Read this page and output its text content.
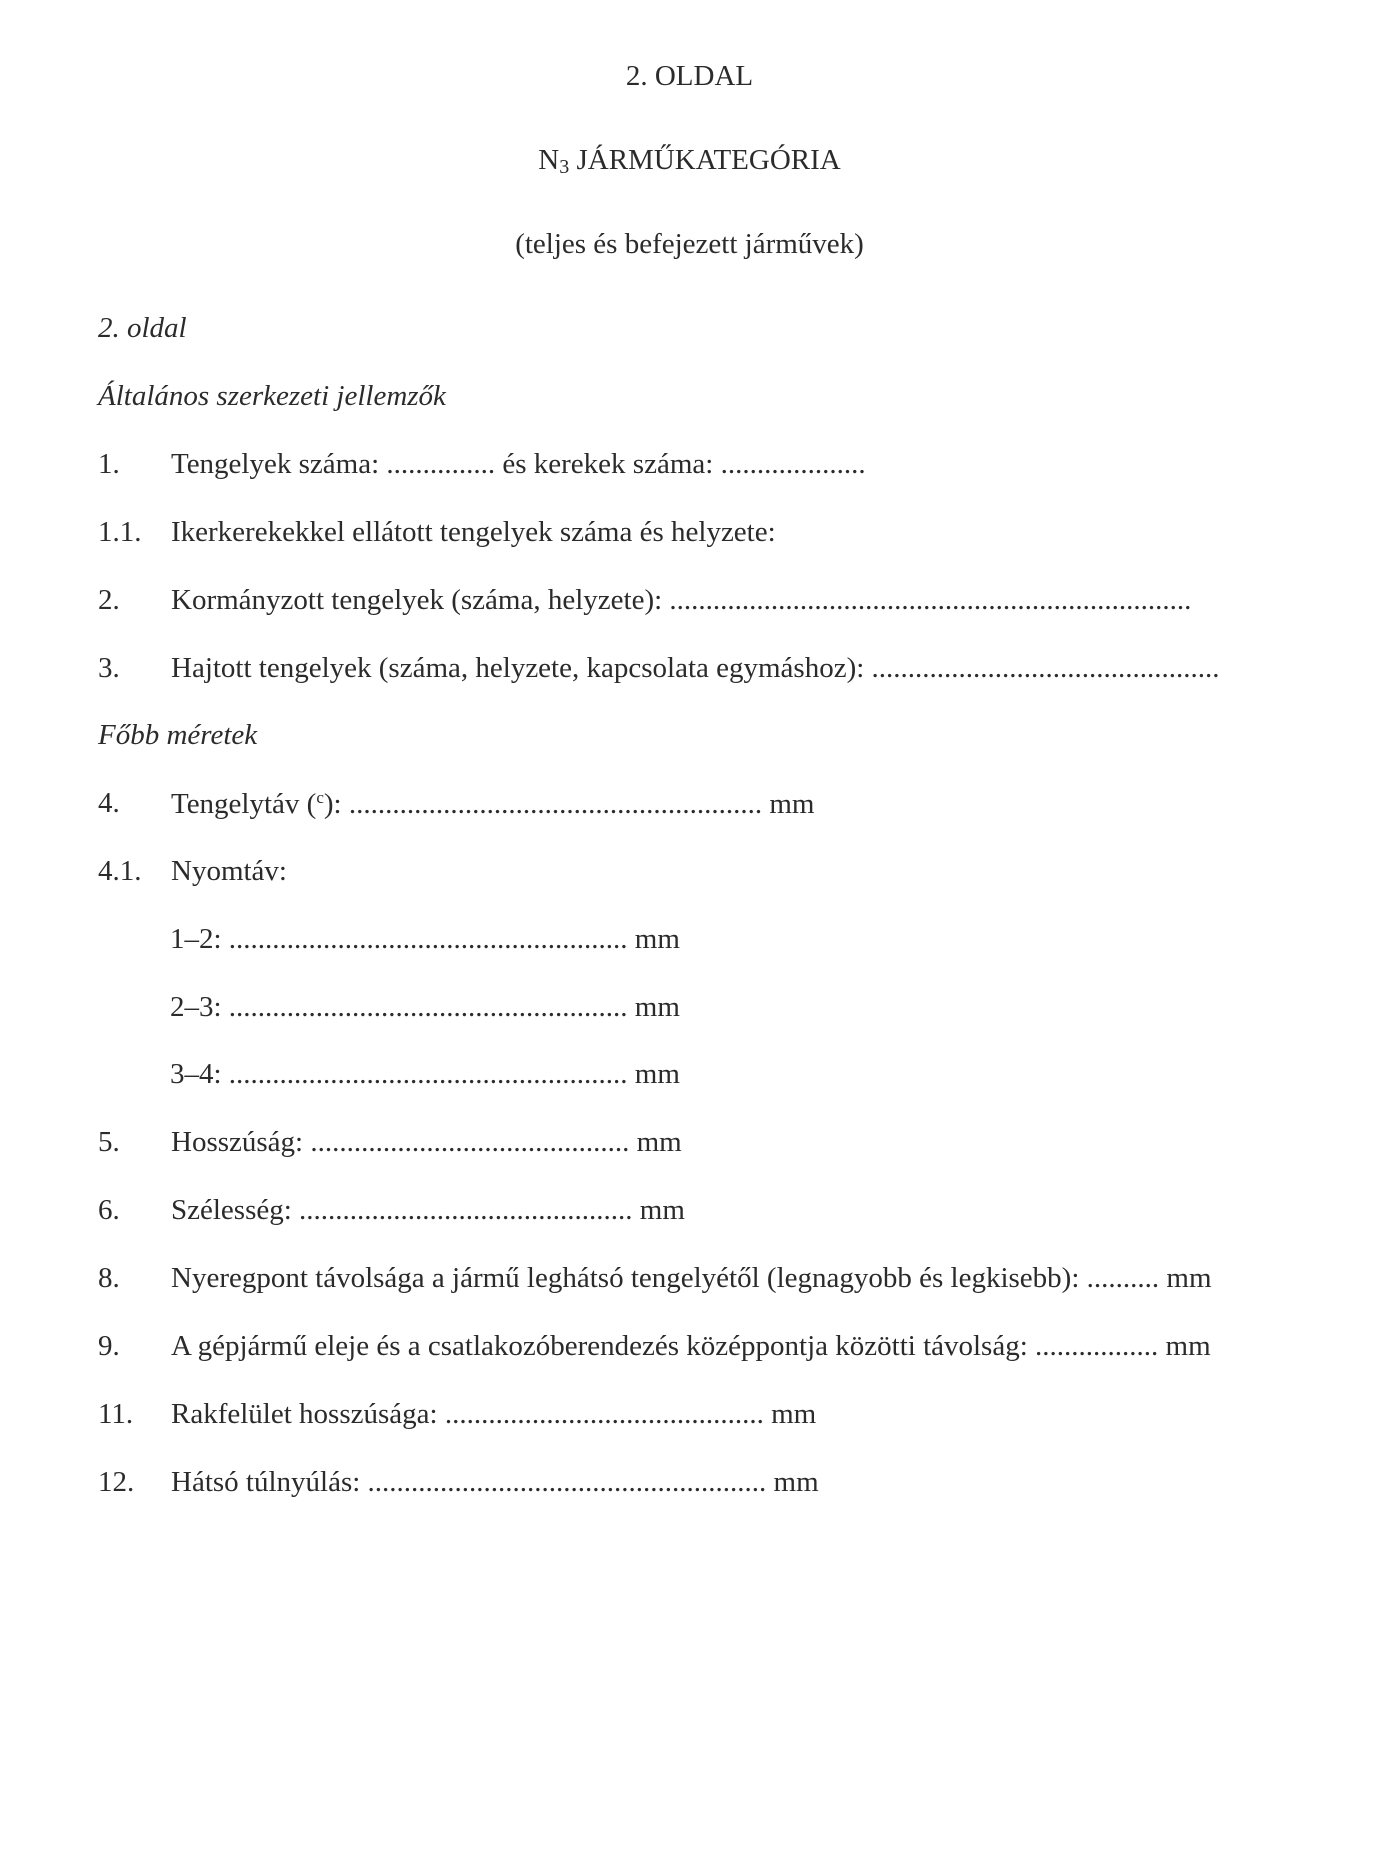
2. OLDAL
$N_3$ JÁRMŰKATEGÓRIA
(teljes és befejezett járművek)
2. oldal
Általános szerkezeti jellemzők
1. Tengelyek száma: ............... és kerekek száma: ....................
1.1. Ikerkerekekkel ellátott tengelyek száma és helyzete:
2. Kormányzott tengelyek (száma, helyzete): ........................................................................
3. Hajtott tengelyek (száma, helyzete, kapcsolata egymáshoz): ................................................
Főbb méretek
4. Tengelytáv ($^c$): ......................................................... mm
4.1. Nyomtáv:
1–2: ....................................................... mm
2–3: ....................................................... mm
3–4: ....................................................... mm
5. Hosszúság: ............................................ mm
6. Szélesség: .............................................. mm
8. Nyeregpont távolsága a jármű leghátsó tengelyétől (legnagyobb és legkisebb): .......... mm
9. A gépjármű eleje és a csatlakozóberendezés középpontja közötti távolság: ................. mm
11. Rakfelület hosszúsága: ............................................ mm
12. Hátsó túlnyúlás: ....................................................... mm
